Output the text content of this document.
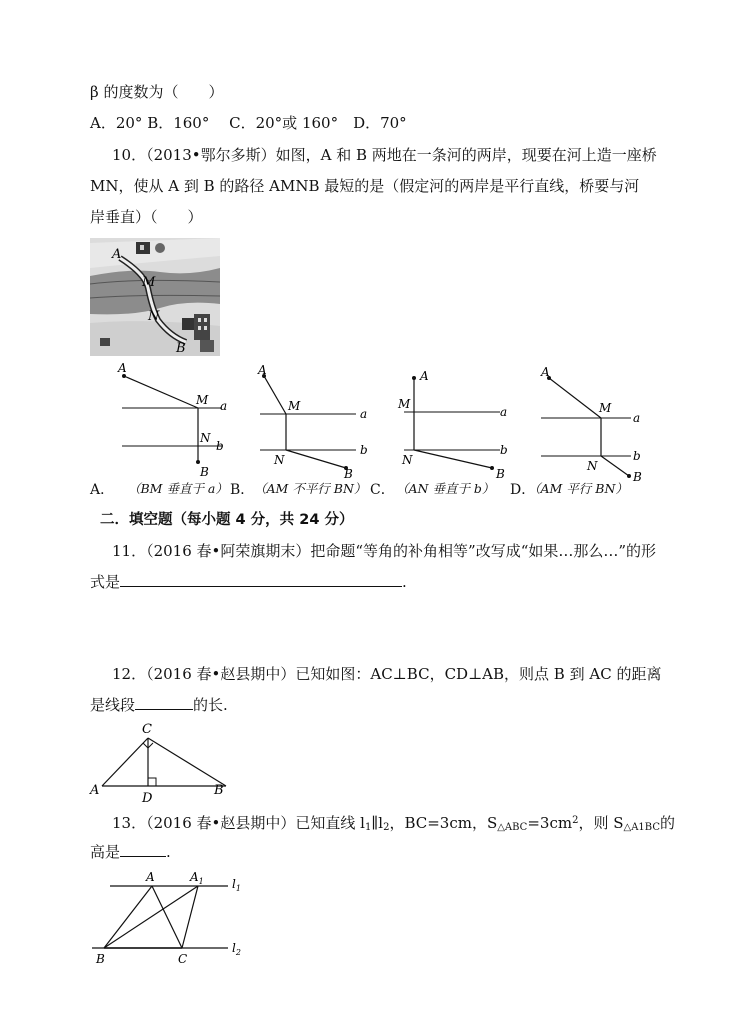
β 的度数为（　　）
A．20° B．160°　 C．20°或 160°　D．70°
10．（2013•鄂尔多斯）如图，A 和 B 两地在一条河的两岸，现要在河上造一座桥
MN，使从 A 到 B 的路径 AMNB 最短的是（假定河的两岸是平行直线，桥要与河
岸垂直）（　　）
A
M
N
B
A
M a
N
b
B
A
M
a
N
b
B
A
M
a
N
b
B
A
M
a
N
b
B
A． （BM 垂直于 a） B． （AM 不平行 BN） C． （AN 垂直于 b） D．
（AM 平行 BN）
二．填空题（每小题 4 分，共 24 分）
11．（2016 春•阿荣旗期末）把命题“等角的补角相等”改写成“如果…那么…”的形
式是	.
12．（2016 春•赵县期中）已知如图：AC⊥BC，CD⊥AB，则点 B 到 AC 的距离
是线段	的长.
C
A
D
B
13．（2016 春•赵县期中）已知直线 $l_1\parallel l_2$，BC=3cm，$S_{\triangle ABC}=3cm^2$，则 $S_{\triangle A1BC}$的
高是	.
A	$A_1$ $l_1$
$l_2$
B	C
